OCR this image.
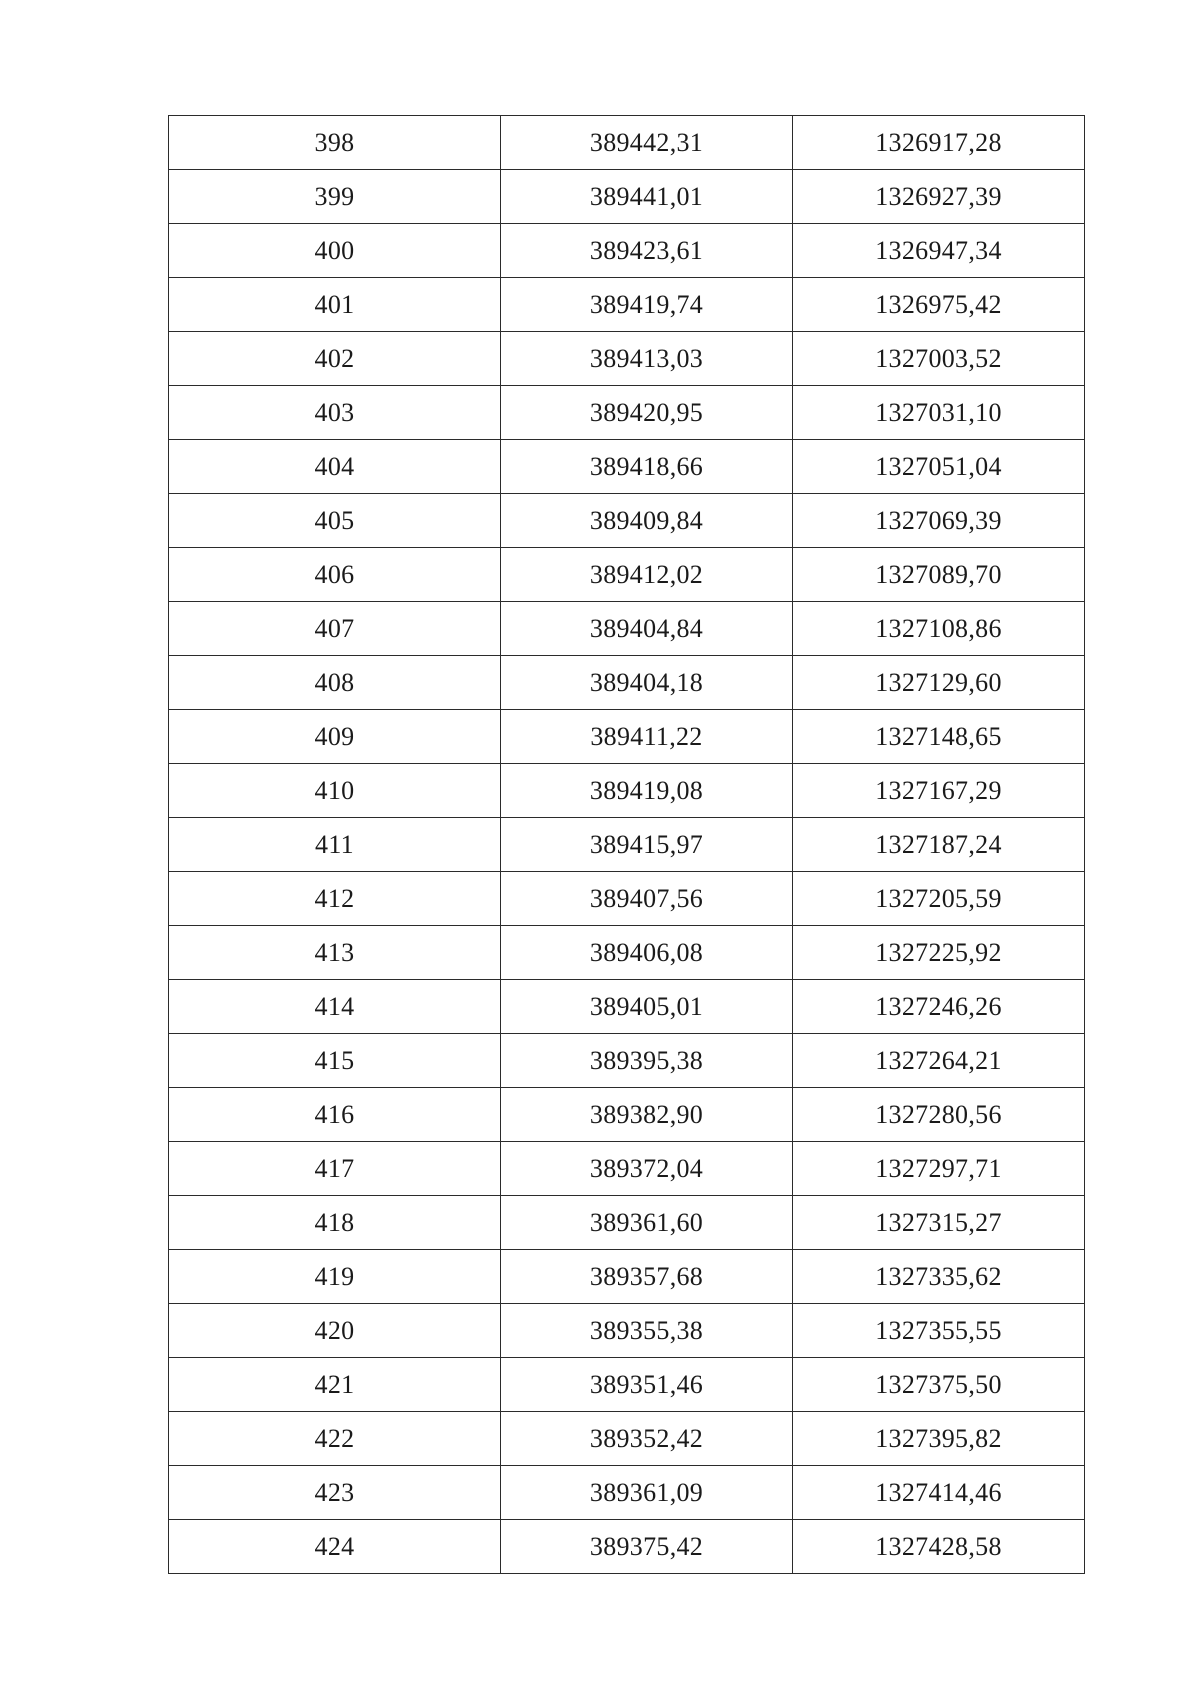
398	389442,31	1326917,28
399	389441,01	1326927,39
400	389423,61	1326947,34
401	389419,74	1326975,42
402	389413,03	1327003,52
403	389420,95	1327031,10
404	389418,66	1327051,04
405	389409,84	1327069,39
406	389412,02	1327089,70
407	389404,84	1327108,86
408	389404,18	1327129,60
409	389411,22	1327148,65
410	389419,08	1327167,29
411	389415,97	1327187,24
412	389407,56	1327205,59
413	389406,08	1327225,92
414	389405,01	1327246,26
415	389395,38	1327264,21
416	389382,90	1327280,56
417	389372,04	1327297,71
418	389361,60	1327315,27
419	389357,68	1327335,62
420	389355,38	1327355,55
421	389351,46	1327375,50
422	389352,42	1327395,82
423	389361,09	1327414,46
424	389375,42	1327428,58
